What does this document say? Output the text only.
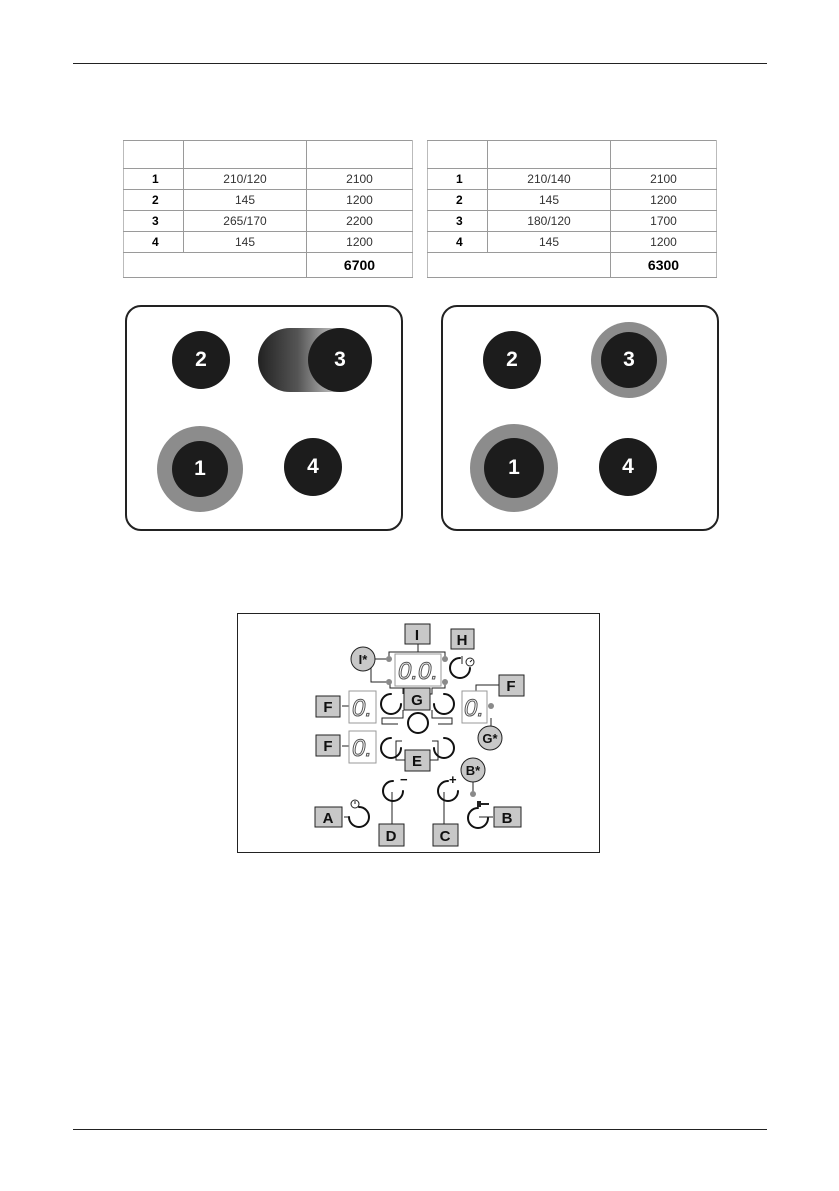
1	210/120	2100
2	145	1200
3	265/170	2200
4	145	1200
		6700

1	210/140	2100
2	145	1200
3	180/120	1700
4	145	1200
		6300
2	3
1	4
2	3
1	4
0.0.
0.
0.
0.
−	+
I H
F
F
F
G
E
A	B
C
D
I*
G*
B*
